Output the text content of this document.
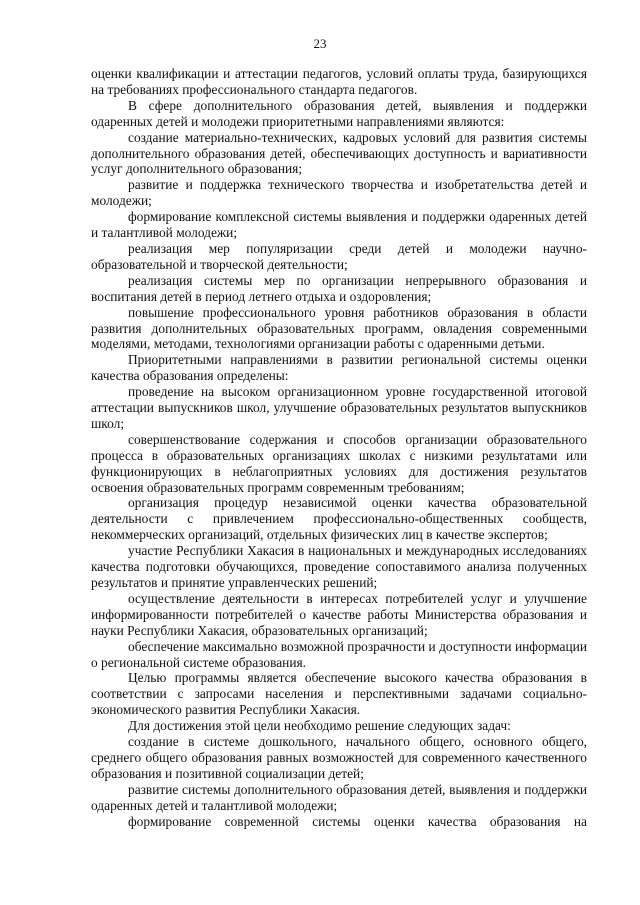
23

оценки квалификации и аттестации педагогов, условий оплаты труда, базирующихся на требованиях профессионального стандарта педагогов.

В сфере дополнительного образования детей, выявления и поддержки одаренных детей и молодежи приоритетными направлениями являются:

создание материально-технических, кадровых условий для развития системы дополнительного образования детей, обеспечивающих доступность и вариативности услуг дополнительного образования;

развитие и поддержка технического творчества и изобретательства детей и молодежи;

формирование комплексной системы выявления и поддержки одаренных детей и талантливой молодежи;

реализация мер популяризации среди детей и молодежи научно-образовательной и творческой деятельности;

реализация системы мер по организации непрерывного образования и воспитания детей в период летнего отдыха и оздоровления;

повышение профессионального уровня работников образования в области развития дополнительных образовательных программ, овладения современными моделями, методами, технологиями организации работы с одаренными детьми.

Приоритетными направлениями в развитии региональной системы оценки качества образования определены:

проведение на высоком организационном уровне государственной итоговой аттестации выпускников школ, улучшение образовательных результатов выпускников школ;

совершенствование содержания и способов организации образовательного процесса в образовательных организациях школах с низкими результатами или функционирующих в неблагоприятных условиях для достижения результатов освоения образовательных программ современным требованиям;

организация процедур независимой оценки качества образовательной деятельности с привлечением профессионально-общественных сообществ, некоммерческих организаций, отдельных физических лиц в качестве экспертов;

участие Республики Хакасия в национальных и международных исследованиях качества подготовки обучающихся, проведение сопоставимого анализа полученных результатов и принятие управленческих решений;

осуществление деятельности в интересах потребителей услуг и улучшение информированности потребителей о качестве работы Министерства образования и науки Республики Хакасия, образовательных организаций;

обеспечение максимально возможной прозрачности и доступности информации о региональной системе образования.

Целью программы является обеспечение высокого качества образования в соответствии с запросами населения и перспективными задачами социально-экономического развития Республики Хакасия.

Для достижения этой цели необходимо решение следующих задач:

создание в системе дошкольного, начального общего, основного общего, среднего общего образования равных возможностей для современного качественного образования и позитивной социализации детей;

развитие системы дополнительного образования детей, выявления и поддержки одаренных детей и талантливой молодежи;

формирование современной системы оценки качества образования на
